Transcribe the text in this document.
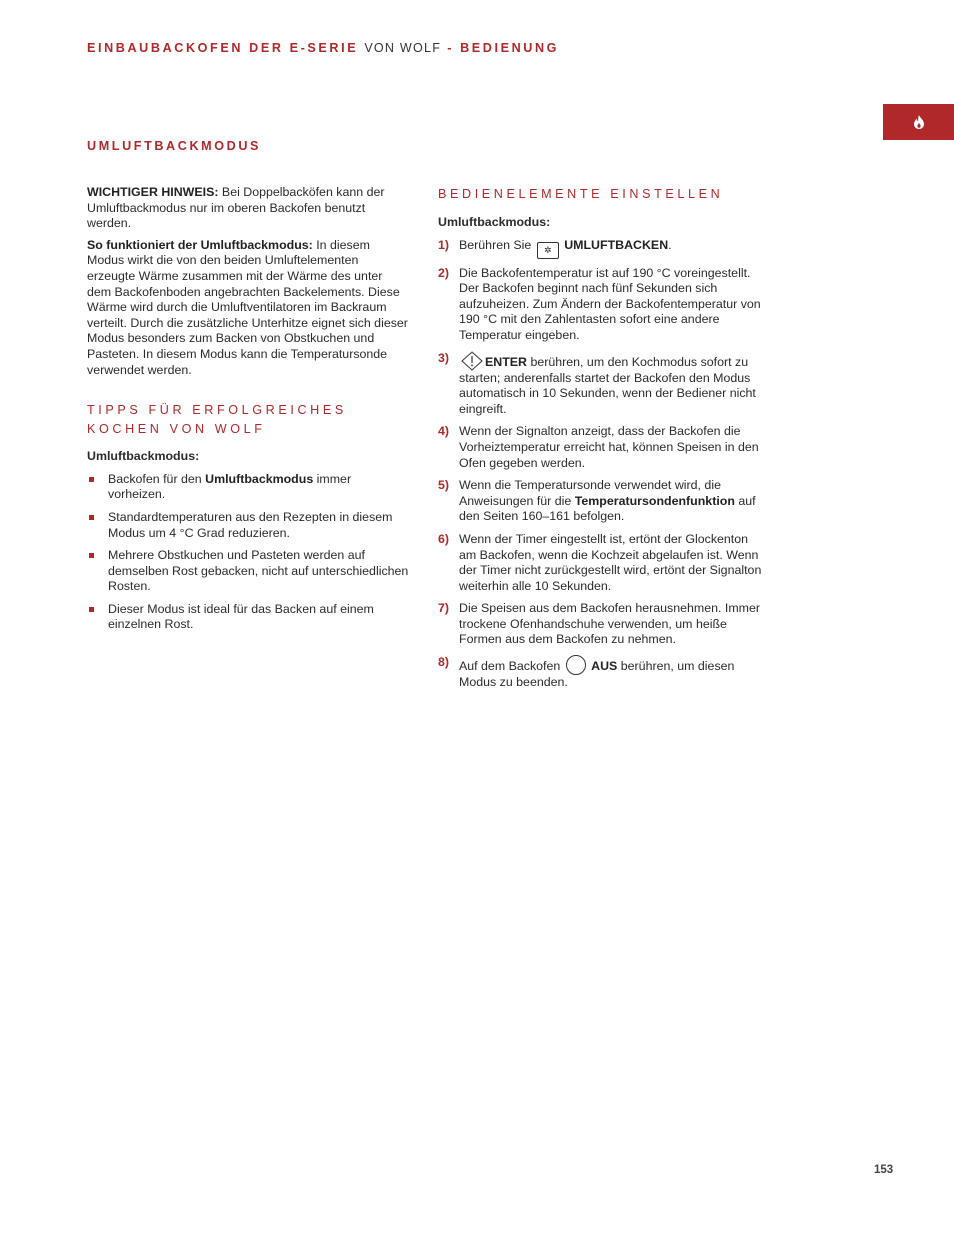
EINBAUBACKOFEN DER E-SERIE VON WOLF - BEDIENUNG
UMLUFTBACKMODUS

WICHTIGER HINWEIS: Bei Doppelbacköfen kann der Umluftbackmodus nur im oberen Backofen benutzt werden.

So funktioniert der Umluftbackmodus: In diesem Modus wirkt die von den beiden Umluftelementen erzeugte Wärme zusammen mit der Wärme des unter dem Backofenboden angebrachten Backelements. Diese Wärme wird durch die Umluftventilatoren im Backraum verteilt. Durch die zusätzliche Unterhitze eignet sich dieser Modus besonders zum Backen von Obstkuchen und Pasteten. In diesem Modus kann die Temperatursonde verwendet werden.

TIPPS FÜR ERFOLGREICHES KOCHEN VON WOLF
Umluftbackmodus:
Backofen für den Umluftbackmodus immer vorheizen.
Standardtemperaturen aus den Rezepten in diesem Modus um 4 °C Grad reduzieren.
Mehrere Obstkuchen und Pasteten werden auf demselben Rost gebacken, nicht auf unterschiedlichen Rosten.
Dieser Modus ist ideal für das Backen auf einem einzelnen Rost.
BEDIENELEMENTE EINSTELLEN
Umluftbackmodus:
1) Berühren Sie ✲ UMLUFTBACKEN.
2) Die Backofentemperatur ist auf 190 °C voreingestellt. Der Backofen beginnt nach fünf Sekunden sich aufzuheizen. Zum Ändern der Backofentemperatur von 190 °C mit den Zahlentasten sofort eine andere Temperatur eingeben.
3)	ENTER berühren, um den Kochmodus sofort zu starten; anderenfalls startet der Backofen den Modus automatisch in 10 Sekunden, wenn der Bediener nicht eingreift.
4) Wenn der Signalton anzeigt, dass der Backofen die Vorheiztemperatur erreicht hat, können Speisen in den Ofen gegeben werden.
5) Wenn die Temperatursonde verwendet wird, die Anweisungen für die Temperatursondenfunktion auf den Seiten 160–161 befolgen.
6) Wenn der Timer eingestellt ist, ertönt der Glockenton am Backofen, wenn die Kochzeit abgelaufen ist. Wenn der Timer nicht zurückgestellt wird, ertönt der Signalton weiterhin alle 10 Sekunden.
7) Die Speisen aus dem Backofen herausnehmen. Immer trockene Ofenhandschuhe verwenden, um heiße Formen aus dem Backofen zu nehmen.
8) Auf dem Backofen  AUS berühren, um diesen Modus zu beenden.
153
